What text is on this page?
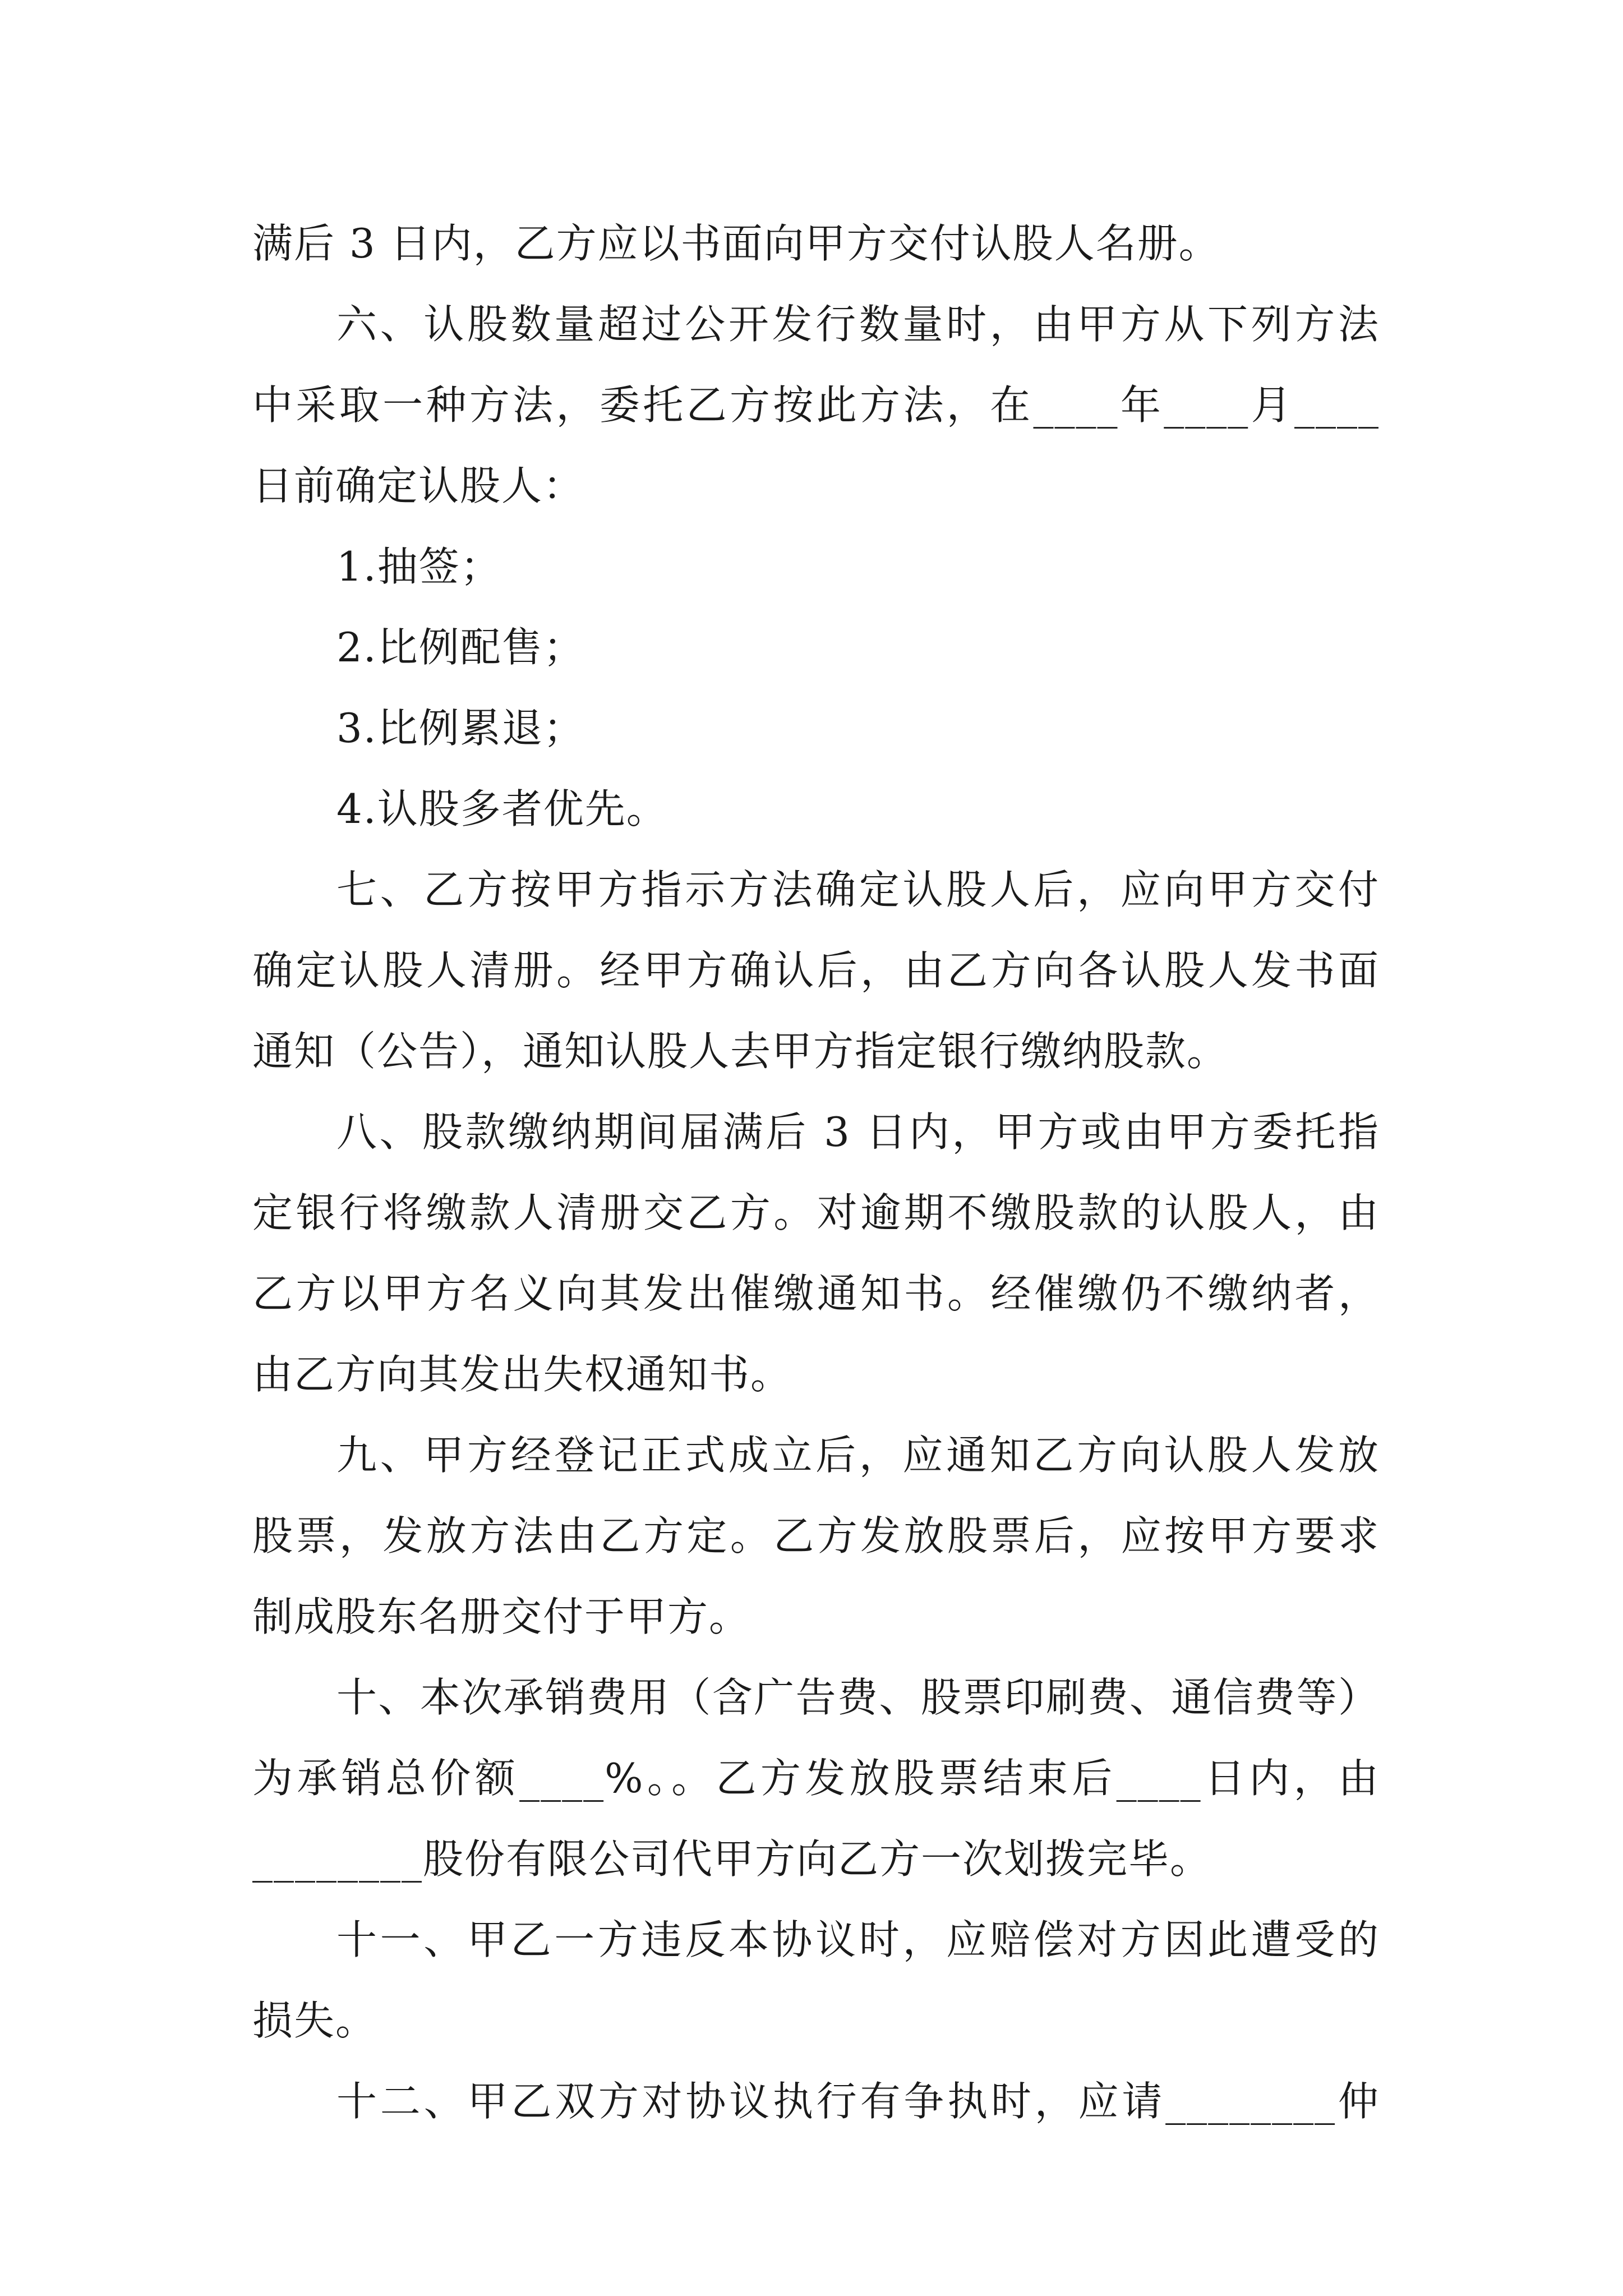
满后 3 日内，乙方应以书面向甲方交付认股人名册。
六、认股数量超过公开发行数量时，由甲方从下列方法
中采取一种方法，委托乙方按此方法，在____年____月____
日前确定认股人：
1.抽签；
2.比例配售；
3.比例累退；
4.认股多者优先。
七、乙方按甲方指示方法确定认股人后，应向甲方交付
确定认股人清册。经甲方确认后，由乙方向各认股人发书面
通知（公告），通知认股人去甲方指定银行缴纳股款。
八、股款缴纳期间届满后 3 日内，甲方或由甲方委托指
定银行将缴款人清册交乙方。对逾期不缴股款的认股人，由
乙方以甲方名义向其发出催缴通知书。经催缴仍不缴纳者，
由乙方向其发出失权通知书。
九、甲方经登记正式成立后，应通知乙方向认股人发放
股票，发放方法由乙方定。乙方发放股票后，应按甲方要求
制成股东名册交付于甲方。
十、本次承销费用（含广告费、股票印刷费、通信费等）
为承销总价额____%。。乙方发放股票结束后____日内，由
________股份有限公司代甲方向乙方一次划拨完毕。
十一、甲乙一方违反本协议时，应赔偿对方因此遭受的
损失。
十二、甲乙双方对协议执行有争执时，应请________仲
